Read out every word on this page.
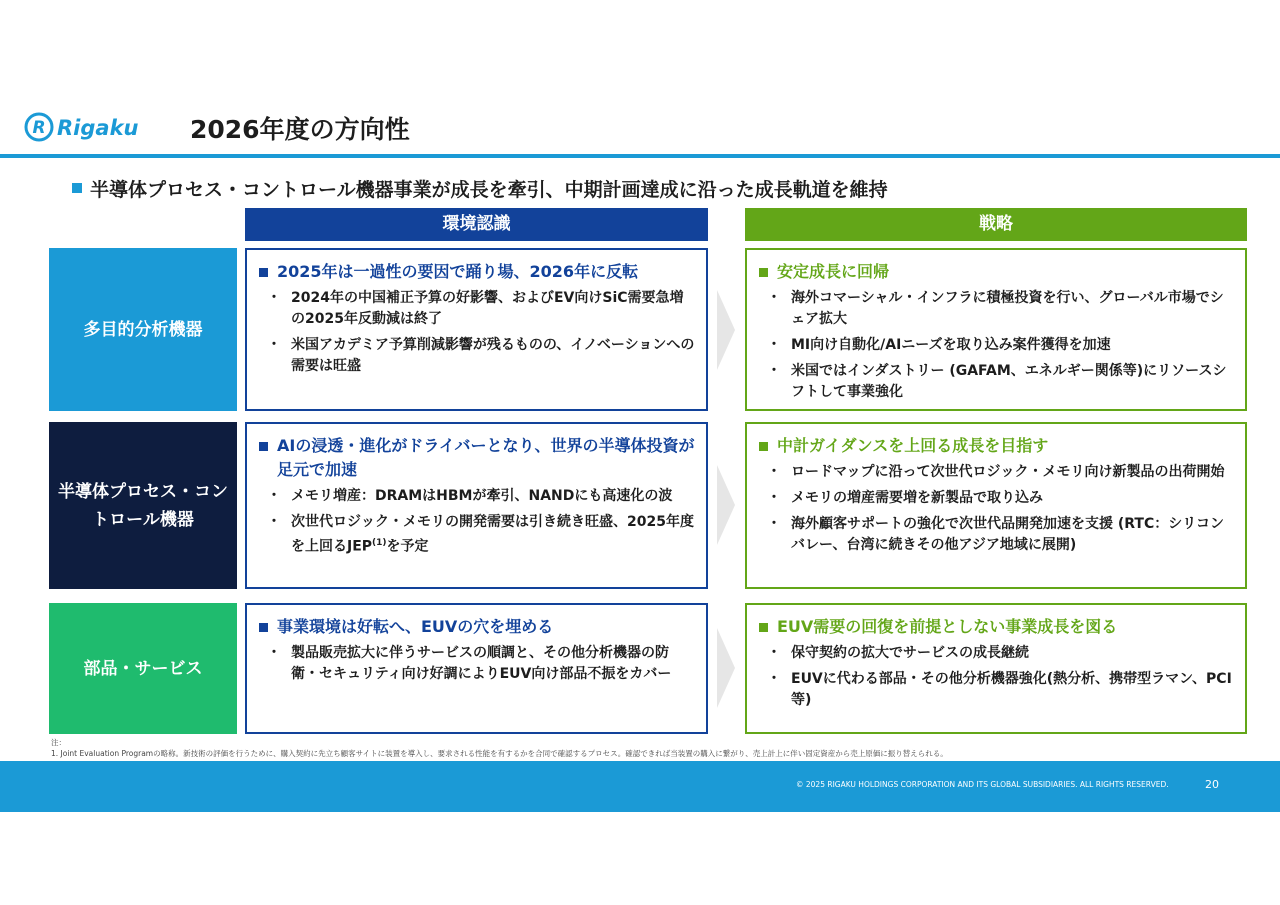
R Rigaku 2026年度の方向性
半導体プロセス・コントロール機器事業が成長を牽引、中期計画達成に沿った成長軌道を維持
環境認識	戦略
多目的分析機器
2025年は一過性の要因で踊り場、2026年に反転
・ 2024年の中国補正予算の好影響、およびEV向けSiC需要急増の2025年反動減は終了
・ 米国アカデミア予算削減影響が残るものの、イノベーションへの需要は旺盛
安定成長に回帰
・ 海外コマーシャル・インフラに積極投資を行い、グローバル市場でシェア拡大
・ MI向け自動化/AIニーズを取り込み案件獲得を加速
・ 米国ではインダストリー (GAFAM、エネルギー関係等)にリソースシフトして事業強化
半導体プロセス・コントロール機器
AIの浸透・進化がドライバーとなり、世界の半導体投資が足元で加速
・ メモリ増産：DRAMはHBMが牽引、NANDにも高速化の波
・ 次世代ロジック・メモリの開発需要は引き続き旺盛、2025年度を上回るJEP$^{(1)}$を予定
中計ガイダンスを上回る成長を目指す
・ ロードマップに沿って次世代ロジック・メモリ向け新製品の出荷開始
・ メモリの増産需要増を新製品で取り込み
・ 海外顧客サポートの強化で次世代品開発加速を支援 (RTC：シリコンバレー、台湾に続きその他アジア地域に展開)
部品・サービス
事業環境は好転へ、EUVの穴を埋める
・ 製品販売拡大に伴うサービスの順調と、その他分析機器の防衛・セキュリティ向け好調によりEUV向け部品不振をカバー
EUV需要の回復を前提としない事業成長を図る
・ 保守契約の拡大でサービスの成長継続
・ EUVに代わる部品・その他分析機器強化(熱分析、携帯型ラマン、PCI 等)
注：
1. Joint Evaluation Programの略称。新技術の評価を行うために、購入契約に先立ち顧客サイトに装置を導入し、要求される性能を有するかを合同で確認するプロセス。確認できれば当装置の購入に繋がり、売上計上に伴い固定資産から売上原価に振り替えられる。
© 2025 RIGAKU HOLDINGS CORPORATION AND ITS GLOBAL SUBSIDIARIES. ALL RIGHTS RESERVED.	20
